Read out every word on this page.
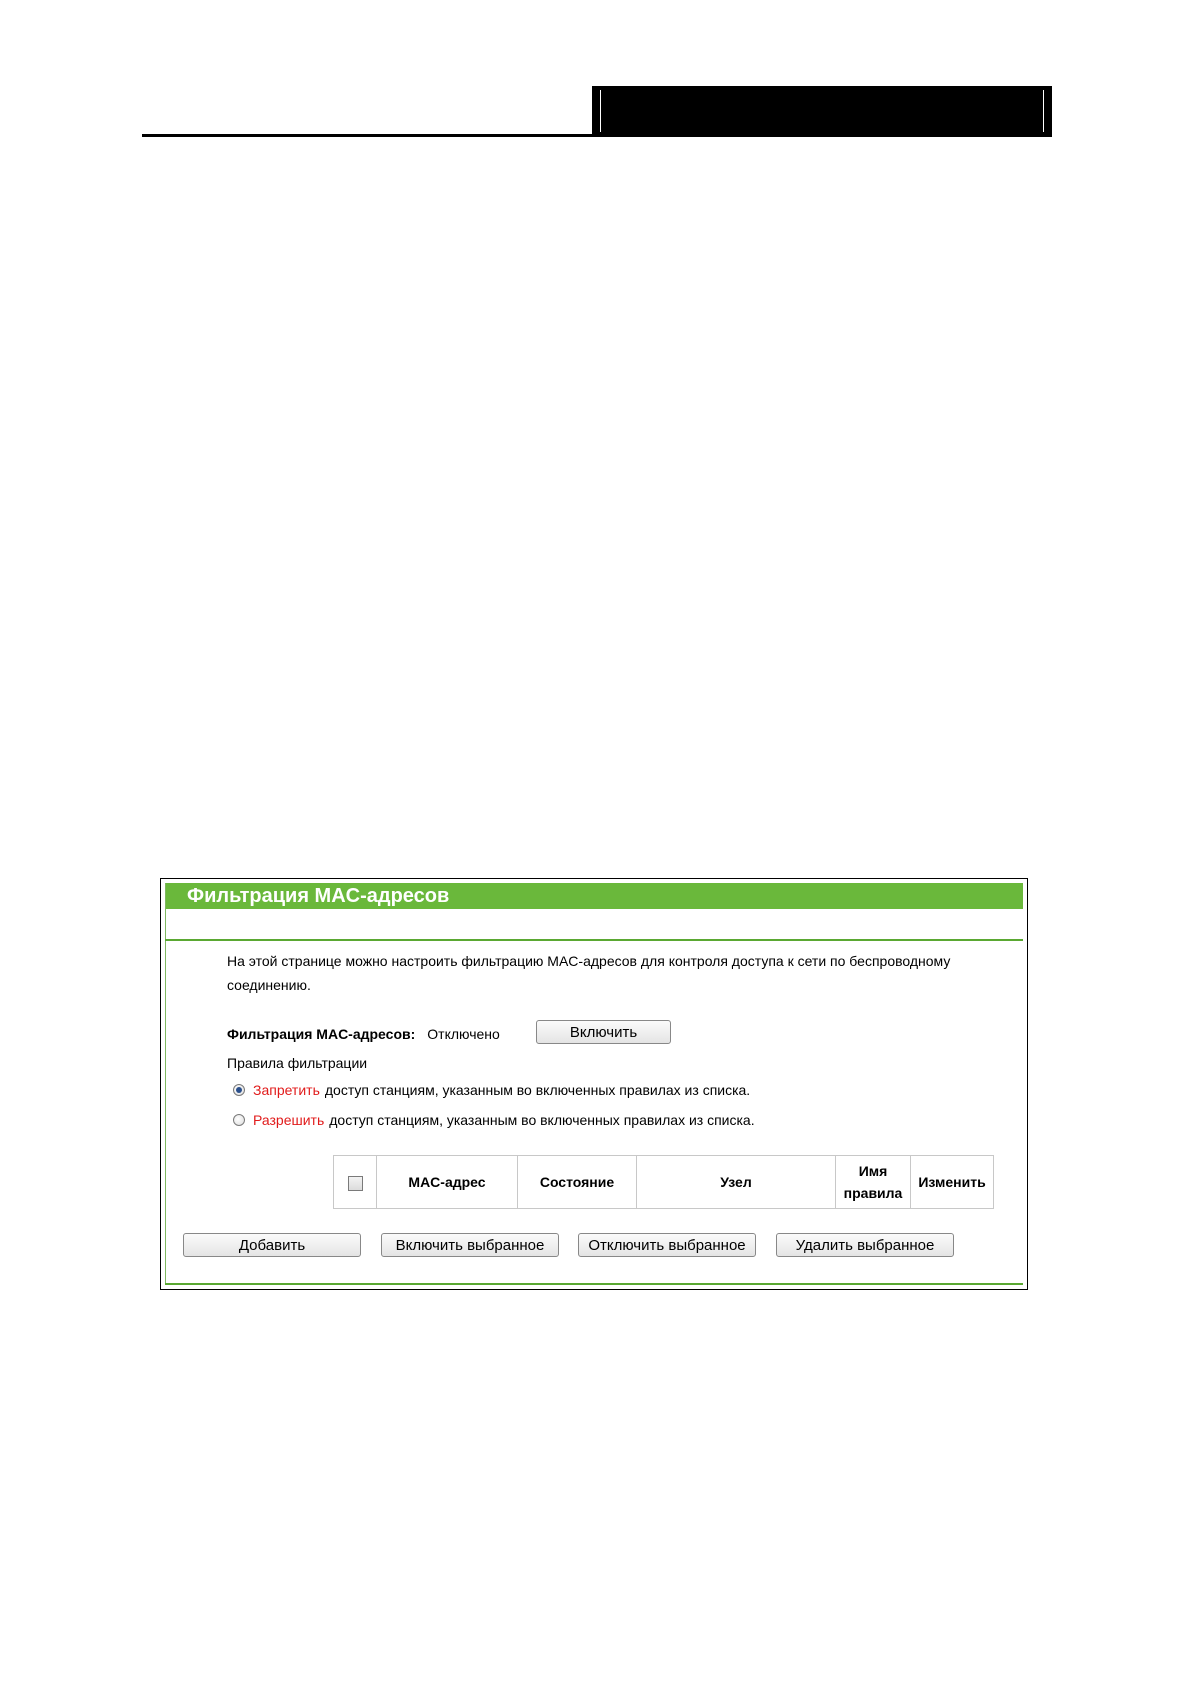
Фильтрация MAC-адресов
На этой странице можно настроить фильтрацию MAC-адресов для контроля доступа к сети по беспроводному соединению.
Фильтрация MAC-адресов: Отключено	Включить
Правила фильтрации
Запретить доступ станциям, указанным во включенных правилах из списка.
Разрешить доступ станциям, указанным во включенных правилах из списка.
	MAC-адрес	Состояние	Узел	Имя правила	Изменить
Добавить	Включить выбранное	Отключить выбранное	Удалить выбранное
